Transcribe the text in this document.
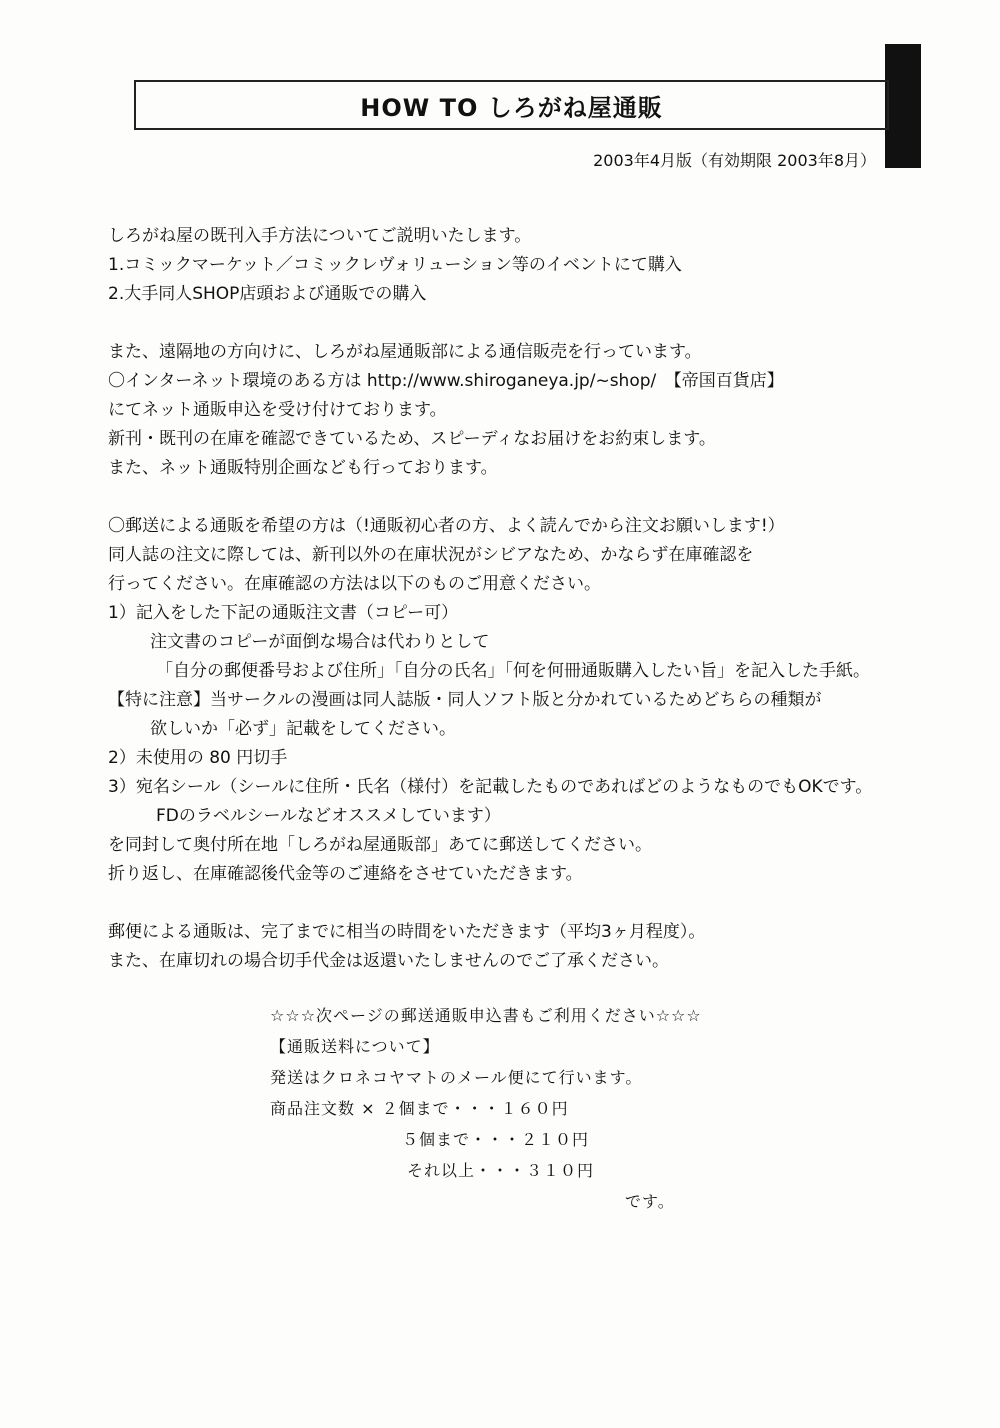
HOW TO しろがね屋通販
2003年4月版（有効期限 2003年8月）
しろがね屋の既刊入手方法についてご説明いたします。
1.コミックマーケット／コミックレヴォリューション等のイベントにて購入
2.大手同人SHOP店頭および通販での購入
また、遠隔地の方向けに、しろがね屋通販部による通信販売を行っています。
〇インターネット環境のある方は http://www.shiroganeya.jp/~shop/　【帝国百貨店】
にてネット通販申込を受け付けております。
新刊・既刊の在庫を確認できているため、スピーディなお届けをお約束します。
また、ネット通販特別企画なども行っております。
〇郵送による通販を希望の方は（!通販初心者の方、よく読んでから注文お願いします!）
同人誌の注文に際しては、新刊以外の在庫状況がシビアなため、かならず在庫確認を
行ってください。在庫確認の方法は以下のものご用意ください。
1）記入をした下記の通販注文書（コピー可）
注文書のコピーが面倒な場合は代わりとして
「自分の郵便番号および住所」「自分の氏名」「何を何冊通販購入したい旨」を記入した手紙。
【特に注意】当サークルの漫画は同人誌版・同人ソフト版と分かれているためどちらの種類が
欲しいか「必ず」記載をしてください。
2）未使用の 80 円切手
3）宛名シール（シールに住所・氏名（様付）を記載したものであればどのようなものでもOKです。
FDのラベルシールなどオススメしています）
を同封して奥付所在地「しろがね屋通販部」あてに郵送してください。
折り返し、在庫確認後代金等のご連絡をさせていただきます。
郵便による通販は、完了までに相当の時間をいただきます（平均3ヶ月程度）。
また、在庫切れの場合切手代金は返還いたしませんのでご了承ください。
☆☆☆次ページの郵送通販申込書もご利用ください☆☆☆
【通販送料について】
発送はクロネコヤマトのメール便にて行います。
商品注文数 × ２個まで・・・１６０円
５個まで・・・２１０円
それ以上・・・３１０円
です。
